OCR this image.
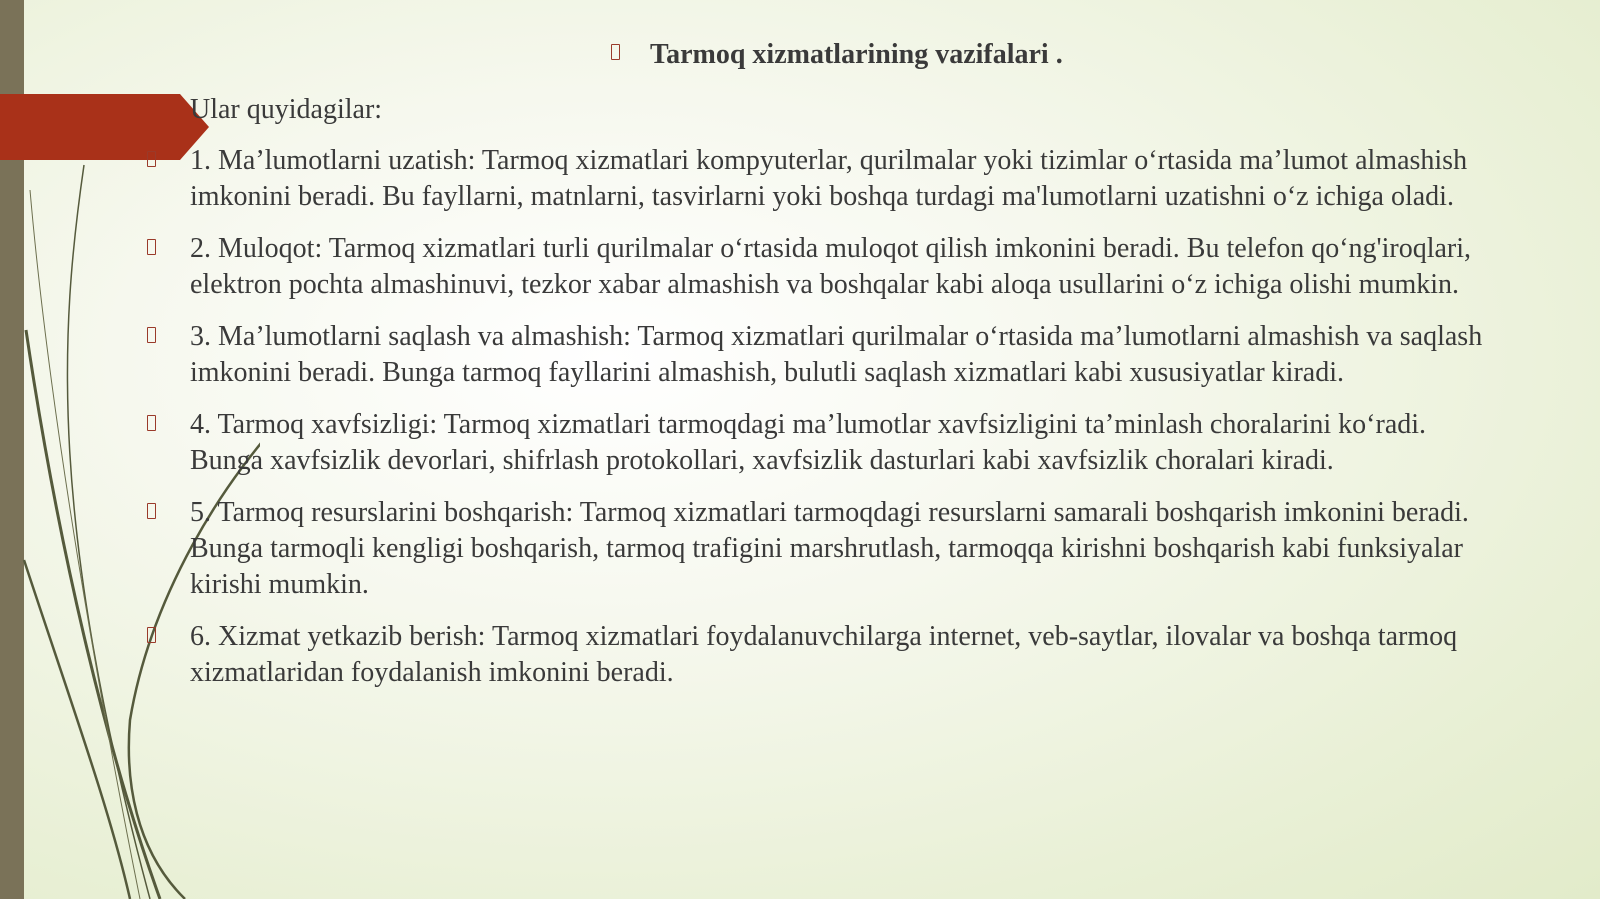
Tarmoq xizmatlarining vazifalari .
Ular quyidagilar:
1. Ma’lumotlarni uzatish: Tarmoq xizmatlari kompyuterlar, qurilmalar yoki tizimlar o‘rtasida ma’lumot almashish imkonini beradi. Bu fayllarni, matnlarni, tasvirlarni yoki boshqa turdagi ma'lumotlarni uzatishni o‘z ichiga oladi.
2. Muloqot: Tarmoq xizmatlari turli qurilmalar o‘rtasida muloqot qilish imkonini beradi. Bu telefon qo‘ng'iroqlari, elektron pochta almashinuvi, tezkor xabar almashish va boshqalar kabi aloqa usullarini o‘z ichiga olishi mumkin.
3. Ma’lumotlarni saqlash va almashish: Tarmoq xizmatlari qurilmalar o‘rtasida ma’lumotlarni almashish va saqlash imkonini beradi. Bunga tarmoq fayllarini almashish, bulutli saqlash xizmatlari kabi xususiyatlar kiradi.
4. Tarmoq xavfsizligi: Tarmoq xizmatlari tarmoqdagi ma’lumotlar xavfsizligini ta’minlash choralarini ko‘radi. Bunga xavfsizlik devorlari, shifrlash protokollari, xavfsizlik dasturlari kabi xavfsizlik choralari kiradi.
5. Tarmoq resurslarini boshqarish: Tarmoq xizmatlari tarmoqdagi resurslarni samarali boshqarish imkonini beradi. Bunga tarmoqli kengligi boshqarish, tarmoq trafigini marshrutlash, tarmoqqa kirishni boshqarish kabi funksiyalar kirishi mumkin.
6. Xizmat yetkazib berish: Tarmoq xizmatlari foydalanuvchilarga internet, veb-saytlar, ilovalar va boshqa tarmoq xizmatlaridan foydalanish imkonini beradi.
